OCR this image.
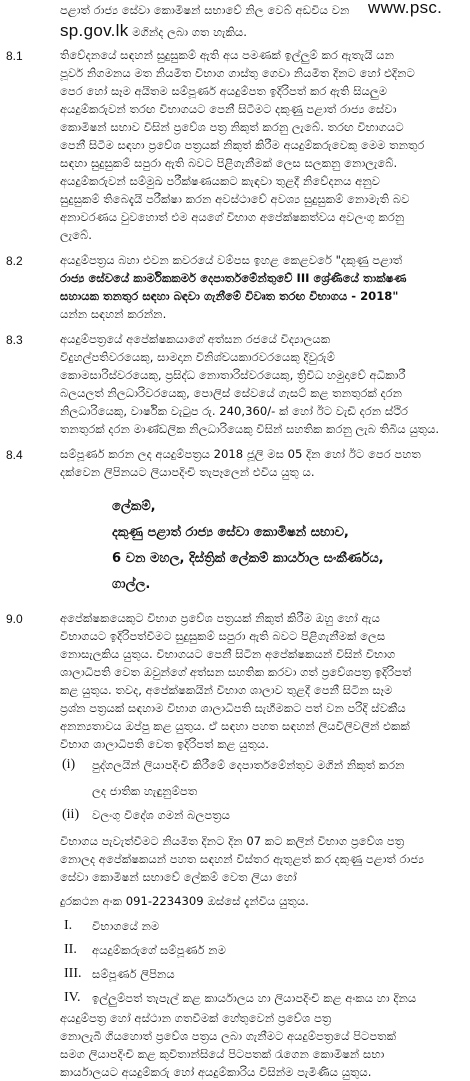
පළාත් රාජ්‍ය සේවා කොමිෂන් සභාවේ නිල වෙබ් අඩවිය වන www.psc.
sp.gov.lk මගින්ද ලබා ගත හැකිය.
8.1	තිවේදනයේ සඳහන් සුදුසුකම් ඇති අය පමණක් ඉල්ලුම් කර ඇතැයි යන
පූර්ව නිගමනය මත නියමිත විභාග ගාස්තු ගෙවා නියමිත දිනට හෝ එදිනට
පෙර හෝ සෑම අයිතම සම්පූර්ණ අයදුම්පත ඉදිරිපත් කර ඇති සියලුම
අයදුම්කරුවන් තරඟ විභාගයට පෙනී සිටීමට දකුණු පළාත් රාජ්‍ය සේවා
කොමිෂන් සභාව විසින් ප්‍රවේශ පත්‍ර නිකුත් කරනු ලැබේ. තරඟ විභාගයට
පෙනී සිටීම සඳහා ප්‍රවේශ පත්‍රයක් නිකුත් කිරීම අයදුම්කරුවෙකු මෙම තනතුර
සඳහා සුදුසුකම් සපුරා ඇති බවට පිළිගැනීමක් ලෙස සලකනු නොලැබේ.
අයදුම්කරුවන් සම්මුඛ පරීක්ෂණයකට කැඳවා තුළදී නිවේදනය අනුව
සුදුසුකම් තිබෙදැයි පරීක්ෂා කරන අවස්ථාවේ අවශ්‍ය සුදුසුකම් නොමැති බව
අනාවරණය වුවහොත් එම අයගේ විභාග අපේක්ෂකත්වය අවලංගු කරනු
ලැබේ.
8.2	අයදුම්පත්‍රය බහා එවන කවරයේ වම්පස ඉහළ කෙළවරේ "දකුණු පළාත්
රාජ්‍ය සේවයේ කාර්මිකකර්ම දෙපාර්තමේන්තුවේ III ශ්‍රේණියේ තාක්ෂණ
සහායක තනතුර සඳහා බඳවා ගැනීමේ විවෘත තරඟ විභාගය - 2018"
යන්න සඳහන් කරන්න.
8.3	අයදුම්පත්‍රයේ අපේක්ෂකයාගේ අත්සන රජයේ විද්‍යාලයක
විදුහල්පතිවරයෙකු, සාමදාන විනිශ්චයකාරවරයෙකු දිවුරුම්
කොමසාරිස්වරයෙකු, ප්‍රසිද්ධ නොතාරිස්වරයෙකු, ත්‍රිවිධ හමුදාවේ අධිකාරී
බලයලත් නිලධාරිවරයෙකු, පොලිස් සේවයේ ගැසට් කළ තනතුරක් දරන
නිලධාරියෙකු, වාර්ෂික වැටුප රු. 240,360/- ක් හෝ ඊට වැඩි දරන ස්ථිර
තනතුරක් දරන මාණ්ඩලික නිලධාරියෙකු විසින් සහතික කරනු ලැබ තිබිය යුතුය.
8.4	සම්පූර්ණ කරන ලද අයදුම්පත්‍රය 2018 ජූලි මස 05 දින හෝ ඊට පෙර පහත
දක්වෙන ලිපිනයට ලියාපදිංචි තැපෑලෙන් එවිය යුතු ය.
ලේකම්,
දකුණු පළාත් රාජ්‍ය සේවා කොමිෂන් සභාව,
6 වන මහල, දිස්ත්‍රික් ලේකම් කාර්යාල සංකීර්ණය,
ගාල්ල.
9.0	අපේක්ෂකයෙකුට විභාග ප්‍රවේශ පත්‍රයක් නිකුත් කිරීම ඔහු හෝ ඇය
විභාගයට ඉදිරිපත්වීමට සුදුසුකම් සපුරා ඇති බවට පිළිගැනීමක් ලෙස
නොසැලකිය යුතුය. විභාගයට පෙනී සිටින අපේක්ෂකයන් විසින් විභාග
ශාලාධිපති වෙත ඔවුන්ගේ අත්සන සහතික කරවා ගත් ප්‍රවේශපත්‍ර ඉදිරිපත්
කළ යුතුය. තවද, අපේක්ෂකයින් විභාග ශාලාව තුළදී පෙනී සිටින සෑම
ප්‍රශ්න පත්‍රයක් සඳහාම විභාග ශාලාධිපති සැහීමකට පත් වන පරිදි ස්වකීය
අනන්‍යතාවය ඔප්පු කළ යුතුය. ඒ සඳහා පහත සඳහන් ලියවිලිවලින් එකක්
විභාග ශාලාධිපති වෙත ඉදිරිපත් කළ යුතුය.
(i) පුද්ගලයින් ලියාපදිංචි කිරීමේ දෙපාර්තමේන්තුව මගින් නිකුත් කරන
ලද ජාතික හැඳුනුම්පත
(ii) වලංගු විදේශ ගමන් බලපත්‍රය
විභාගය පැවැත්වීමට නියමිත දිනට දින 07 කට කලින් විභාග ප්‍රවේශ පත්‍ර
නොලද අපේක්ෂකයන් පහත සඳහන් විස්තර ඇතුළත් කර දකුණු පළාත් රාජ්‍ය
සේවා කොමිෂන් සභාවේ ලේකම් වෙත ලියා හෝ
දුරකථන අංක 091-2234309 ඔස්සේ දැන්විය යුතුය.
I. විභාගයේ නම
II. අයදුම්කරුගේ සම්පූර්ණ නම
III. සම්පූර්ණ ලිපිනය
IV. ඉල්ලුම්පත් තැපැල් කළ කාර්යාලය හා ලියාපදිංචි කළ අංකය හා දිනය
අයදුම්පත්‍ර හෝ අස්ථාන ගතවීමක් හේතුවෙන් ප්‍රවේශ පත්‍ර
නොලැබී ගියහොත් ප්‍රවේශ පත්‍රය ලබා ගැනීමට අයදුම්පත්‍රයේ පිටපතක්
සමග ලියාපදිංචි කළ කුවිතාන්සියේ පිටපතක් රැගෙන කොමිෂන් සභා
කාර්යාලයට අයදුම්කරු හෝ අයදුම්කාරිය විසින්ම පැමිණිය යුතුය.
